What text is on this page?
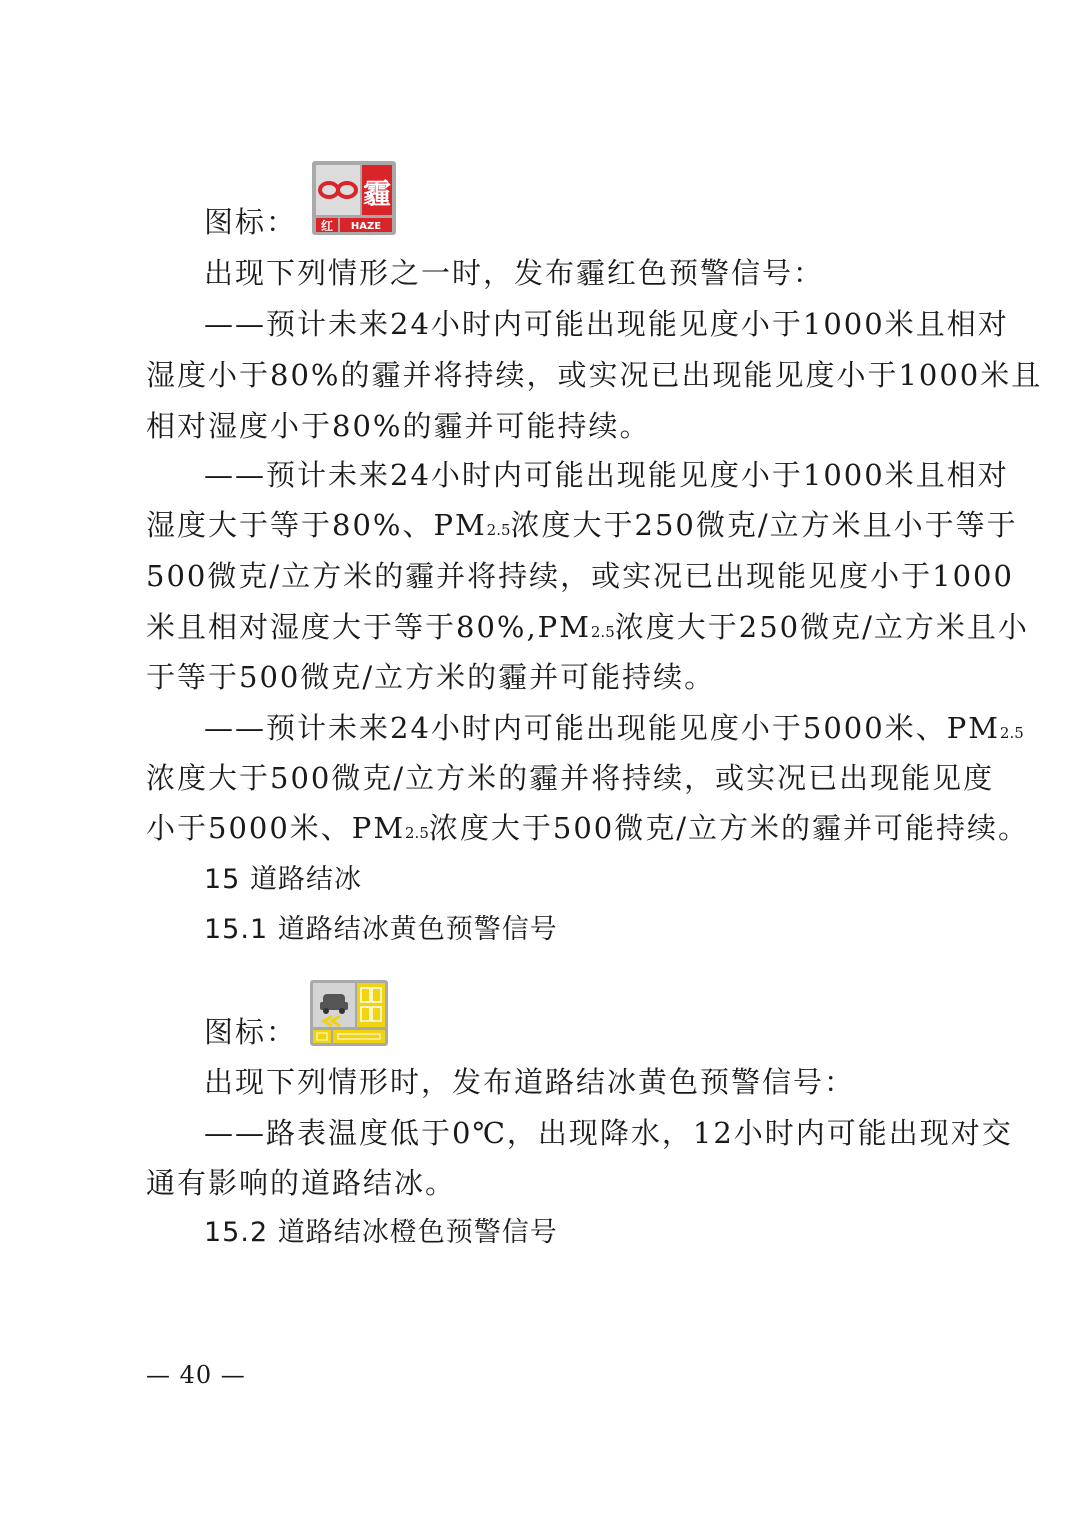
图标：
霾
红 HAZE
出现下列情形之一时，发布霾红色预警信号：
——预计未来24小时内可能出现能见度小于1000米且相对
湿度小于80%的霾并将持续，或实况已出现能见度小于1000米且
相对湿度小于80%的霾并可能持续。
——预计未来24小时内可能出现能见度小于1000米且相对
湿度大于等于80%、PM2.5浓度大于250微克/立方米且小于等于
500微克/立方米的霾并将持续，或实况已出现能见度小于1000
米且相对湿度大于等于80%,PM2.5浓度大于250微克/立方米且小
于等于500微克/立方米的霾并可能持续。
——预计未来24小时内可能出现能见度小于5000米、PM2.5
浓度大于500微克/立方米的霾并将持续，或实况已出现能见度
小于5000米、PM2.5浓度大于500微克/立方米的霾并可能持续。
15 道路结冰
15.1 道路结冰黄色预警信号
图标：
出现下列情形时，发布道路结冰黄色预警信号：
——路表温度低于0℃，出现降水，12小时内可能出现对交
通有影响的道路结冰。
15.2 道路结冰橙色预警信号
— 40 —
